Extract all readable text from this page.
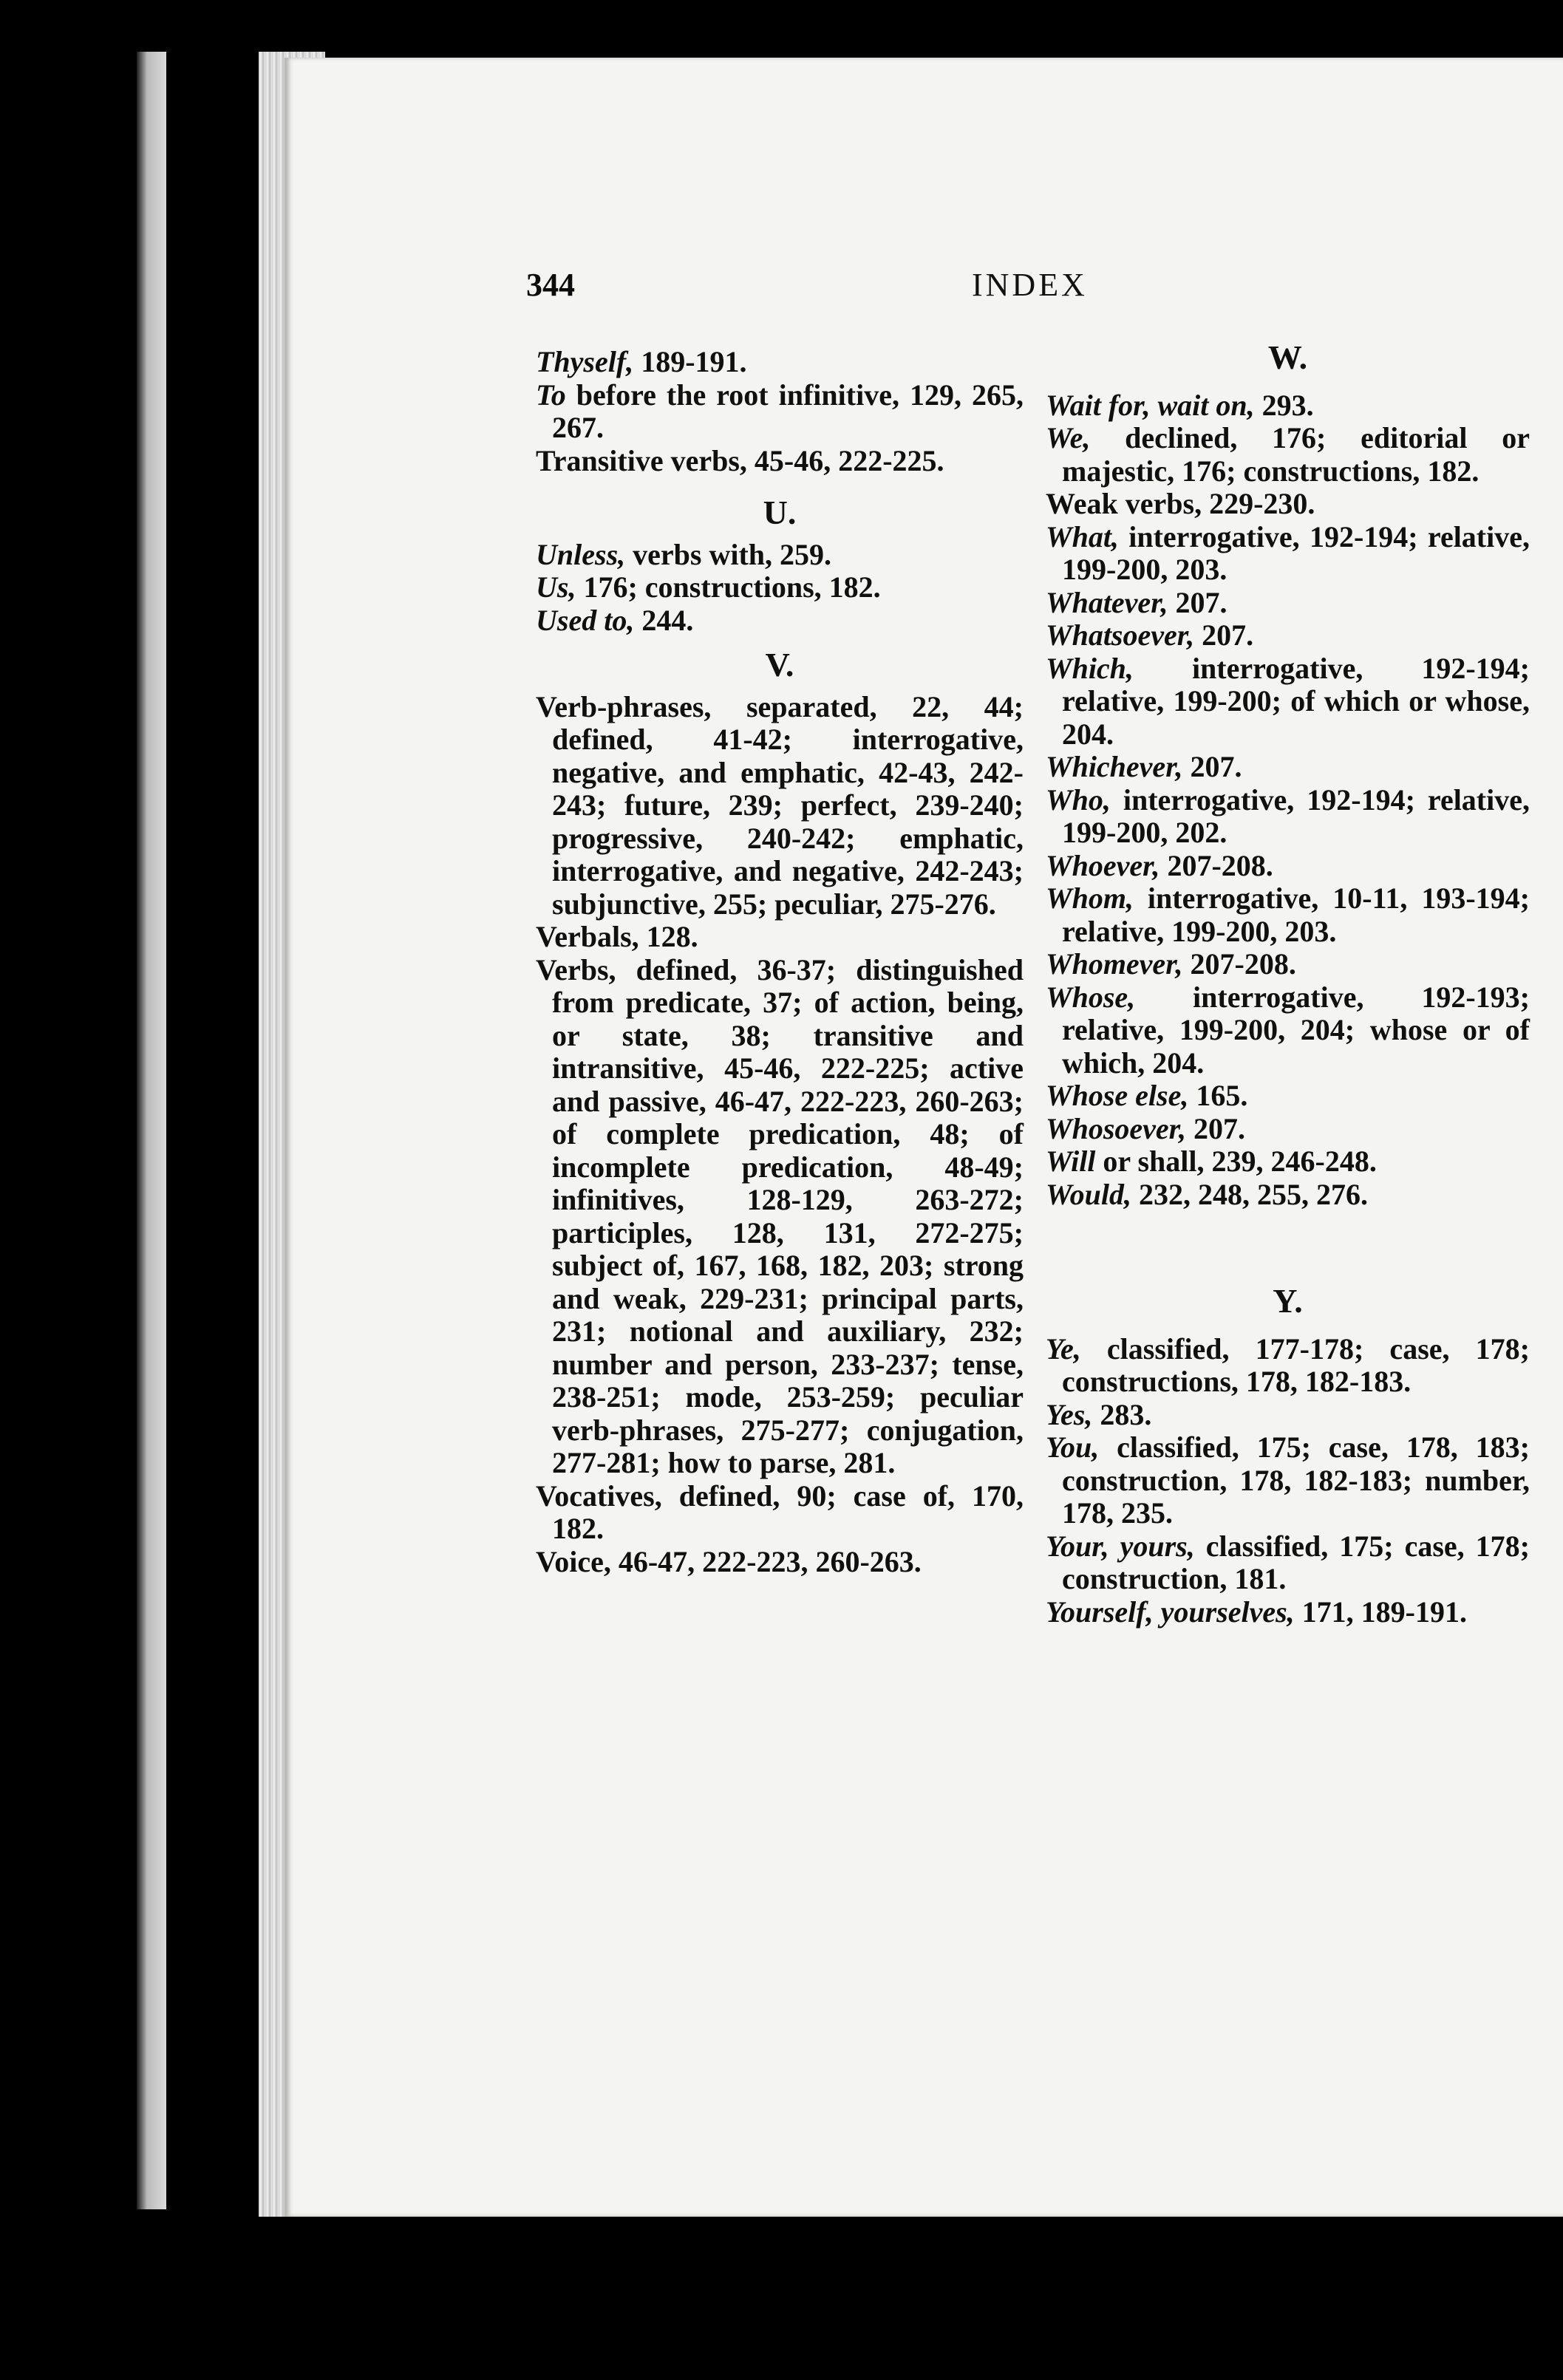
344	INDEX
Thyself, 189-191.
To before the root infinitive, 129, 265, 267.
Transitive verbs, 45-46, 222-225.
U.
Unless, verbs with, 259.
Us, 176; constructions, 182.
Used to, 244.
V.
Verb-phrases, separated, 22, 44; defined, 41-42; interrogative, negative, and emphatic, 42-43, 242-243; future, 239; perfect, 239-240; progressive, 240-242; emphatic, interrogative, and negative, 242-243; subjunctive, 255; peculiar, 275-276.
Verbals, 128.
Verbs, defined, 36-37; distinguished from predicate, 37; of action, being, or state, 38; transitive and intransitive, 45-46, 222-225; active and passive, 46-47, 222-223, 260-263; of complete predication, 48; of incomplete predication, 48-49; infinitives, 128-129, 263-272; participles, 128, 131, 272-275; subject of, 167, 168, 182, 203; strong and weak, 229-231; principal parts, 231; notional and auxiliary, 232; number and person, 233-237; tense, 238-251; mode, 253-259; peculiar verb-phrases, 275-277; conjugation, 277-281; how to parse, 281.
Vocatives, defined, 90; case of, 170, 182.
Voice, 46-47, 222-223, 260-263.
W.
Wait for, wait on, 293.
We, declined, 176; editorial or majestic, 176; constructions, 182.
Weak verbs, 229-230.
What, interrogative, 192-194; relative, 199-200, 203.
Whatever, 207.
Whatsoever, 207.
Which, interrogative, 192-194; relative, 199-200; of which or whose, 204.
Whichever, 207.
Who, interrogative, 192-194; relative, 199-200, 202.
Whoever, 207-208.
Whom, interrogative, 10-11, 193-194; relative, 199-200, 203.
Whomever, 207-208.
Whose, interrogative, 192-193; relative, 199-200, 204; whose or of which, 204.
Whose else, 165.
Whosoever, 207.
Will or shall, 239, 246-248.
Would, 232, 248, 255, 276.
Y.
Ye, classified, 177-178; case, 178; constructions, 178, 182-183.
Yes, 283.
You, classified, 175; case, 178, 183; construction, 178, 182-183; number, 178, 235.
Your, yours, classified, 175; case, 178; construction, 181.
Yourself, yourselves, 171, 189-191.
